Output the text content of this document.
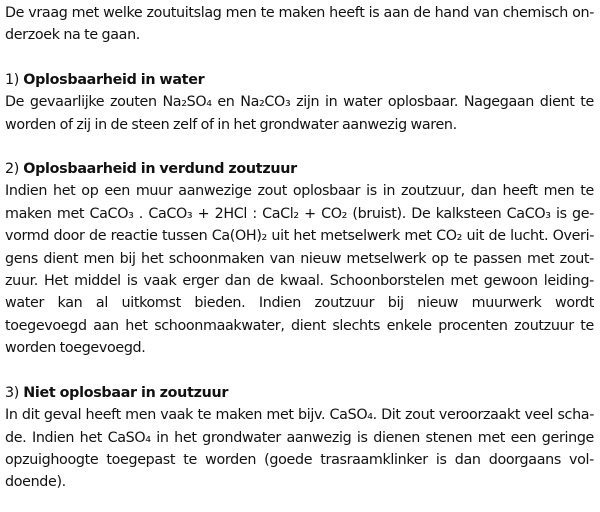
De vraag met welke zoutuitslag men te maken heeft is aan de hand van chemisch on-
derzoek na te gaan.
1) Oplosbaarheid in water
De gevaarlijke zouten Na₂SO₄ en Na₂CO₃ zijn in water oplosbaar. Nagegaan dient te
worden of zij in de steen zelf of in het grondwater aanwezig waren.
2) Oplosbaarheid in verdund zoutzuur
Indien het op een muur aanwezige zout oplosbaar is in zoutzuur, dan heeft men te
maken met CaCO₃ . CaCO₃ + 2HCl : CaCl₂ + CO₂ (bruist). De kalksteen CaCO₃ is ge-
vormd door de reactie tussen Ca(OH)₂ uit het metselwerk met CO₂ uit de lucht. Overi-
gens dient men bij het schoonmaken van nieuw metselwerk op te passen met zout-
zuur. Het middel is vaak erger dan de kwaal. Schoonborstelen met gewoon leiding-
water kan al uitkomst bieden. Indien zoutzuur bij nieuw muurwerk wordt
toegevoegd aan het schoonmaakwater, dient slechts enkele procenten zoutzuur te
worden toegevoegd.
3) Niet oplosbaar in zoutzuur
In dit geval heeft men vaak te maken met bijv. CaSO₄. Dit zout veroorzaakt veel scha-
de. Indien het CaSO₄ in het grondwater aanwezig is dienen stenen met een geringe
opzuighoogte toegepast te worden (goede trasraamklinker is dan doorgaans vol-
doende).
